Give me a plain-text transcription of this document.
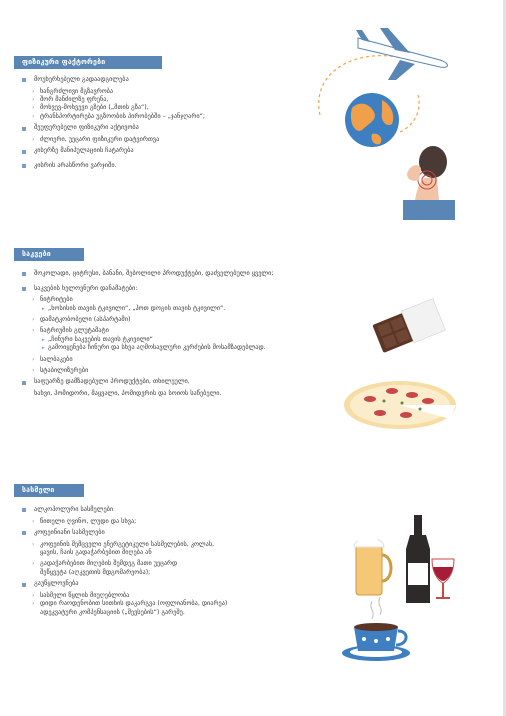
ფიზიკური ფაქტორები
მოუხერხებელი გადაადგილება
› ხანგრძლივი მგზავრობა
› შორ მანძილზე ფრენა,
› მოხვევ-მოხვევი გზები („მთის გზა“),
› ტრანსპორტირება უგზოობის პირობებში – „ჯანჯღარი“;
შეუფერებელი ფიზიკური აქტივობა
› ძლიერი, უეცარი ფიზიკური დატვირთვა
კისერზე მანიპულაციის ჩატარება
კისრის არასწორი ვარჯიში.
საკვები
შოკოლადი, ციტრუსი, ბანანი, შებოლილი პროდუქტები, დაძველებული ყველი;
საკვების ხელოვნური დანამატები:
› ნიტრიტები
▸ „ხოსისის თავის ტკივილი“, „ჰოთ დოგის თავის ტკივილი“.
› დამატკობობელი (ასპარტამი)
› ნატრიუმის გლუტამატი
▸ „ჩინური საკვების თავის ტკივილი“
▸ გამოიყენება ჩინური და სხვა აღმოსავლური კერძების მოსამზადებლად.
› სალბაკები
› სტაბილიზურები
საფუარზე დამზადებული პროდუქტები, თხილეული,
ხახვი, პომიდორი, მაყვალი, პომიდვრის და სოიოს საწებელი.
სასმელი
ალკოჰოლური სასმელები
› წითელი ღვინო, ლუდი და სხვა;
კოფეინიანი სასმელები
› კოფეინის შემცველი ენერგეტიკული სასმელების, კოლას,
ყავის, ჩაის გადაჭარბებით მიღება ან
› გადაჭარბებით მიღების შემდეგ მათი უეცარდ
შეწყვეტა (აღკვეთის მდგომარეობა);
გაუწყლოვნება
› სასმელი წყლის მიუღებლობა
› დიდი რაოდენობით სითხის დაკარგვა (ოფლიანობა, დიარეა)
ადეკვატური კომპენსაციის („შევსების“) გარეშე.
